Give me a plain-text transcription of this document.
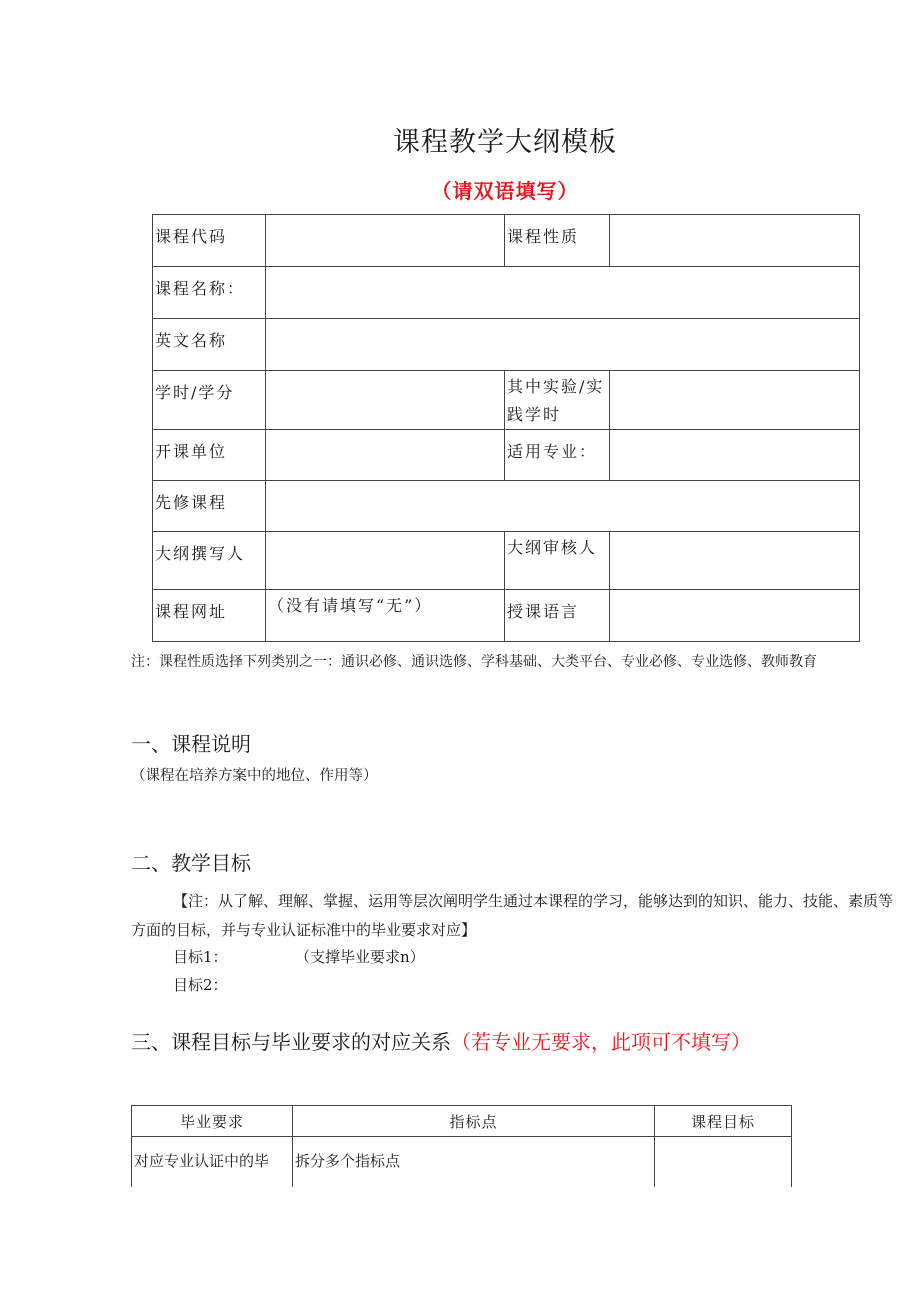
课程教学大纲模板
（请双语填写）
课程代码		课程性质	
课程名称：			
英文名称			
学时/学分		其中实验/实践学时	
开课单位		适用专业：	
先修课程			
大纲撰写人		大纲审核人	
课程网址	（没有请填写“无”）	授课语言	
注：课程性质选择下列类别之一：通识必修、通识选修、学科基础、大类平台、专业必修、专业选修、教师教育
一、课程说明
（课程在培养方案中的地位、作用等）
二、教学目标
【注：从了解、理解、掌握、运用等层次阐明学生通过本课程的学习，能够达到的知识、能力、技能、素质等方面的目标，并与专业认证标准中的毕业要求对应】
目标1：	（支撑毕业要求n）
目标2：
三、课程目标与毕业要求的对应关系（若专业无要求，此项可不填写）
毕业要求	指标点	课程目标
对应专业认证中的毕	拆分多个指标点	
